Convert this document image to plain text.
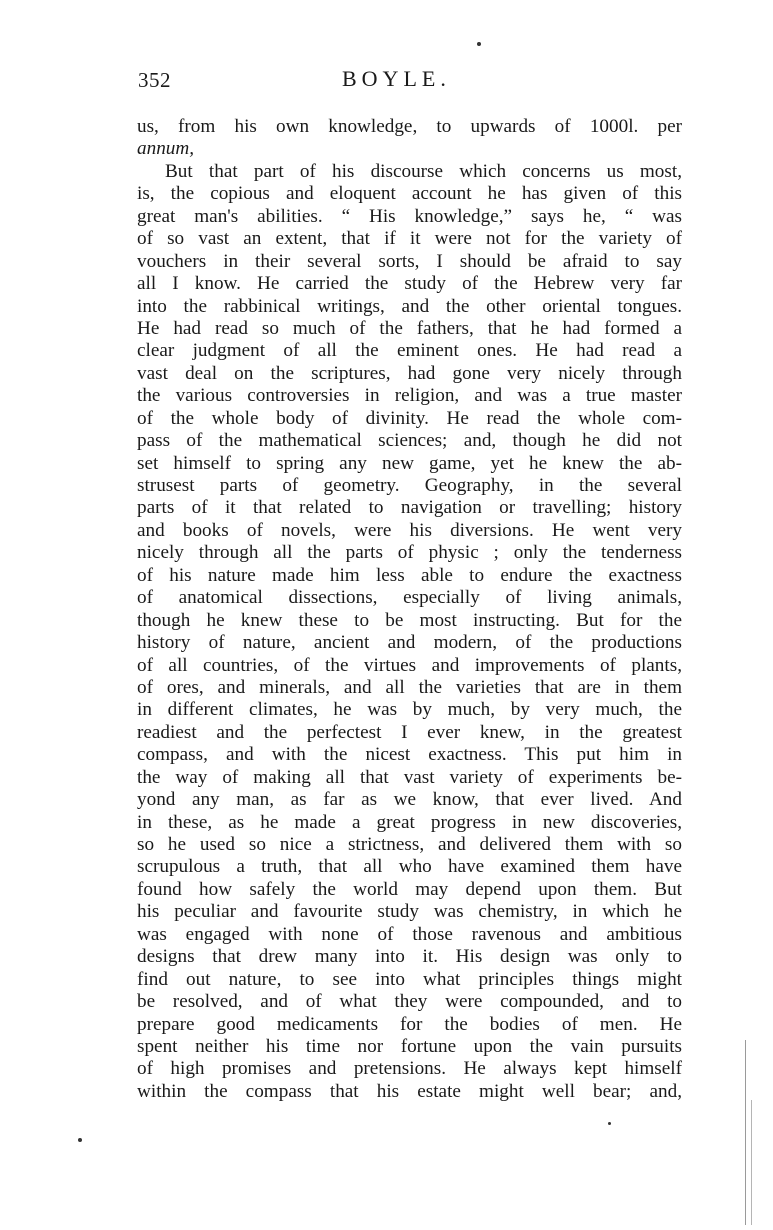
352	BOYLE.
us, from his own knowledge, to upwards of 1000l. per
annum,
But that part of his discourse which concerns us most,
is, the copious and eloquent account he has given of this
great man's abilities. “ His knowledge,” says he, “ was
of so vast an extent, that if it were not for the variety of
vouchers in their several sorts, I should be afraid to say
all I know. He carried the study of the Hebrew very far
into the rabbinical writings, and the other oriental tongues.
He had read so much of the fathers, that he had formed a
clear judgment of all the eminent ones. He had read a
vast deal on the scriptures, had gone very nicely through
the various controversies in religion, and was a true master
of the whole body of divinity. He read the whole com-
pass of the mathematical sciences; and, though he did not
set himself to spring any new game, yet he knew the ab-
strusest parts of geometry. Geography, in the several
parts of it that related to navigation or travelling; history
and books of novels, were his diversions. He went very
nicely through all the parts of physic ; only the tenderness
of his nature made him less able to endure the exactness
of anatomical dissections, especially of living animals,
though he knew these to be most instructing. But for the
history of nature, ancient and modern, of the productions
of all countries, of the virtues and improvements of plants,
of ores, and minerals, and all the varieties that are in them
in different climates, he was by much, by very much, the
readiest and the perfectest I ever knew, in the greatest
compass, and with the nicest exactness. This put him in
the way of making all that vast variety of experiments be-
yond any man, as far as we know, that ever lived. And
in these, as he made a great progress in new discoveries,
so he used so nice a strictness, and delivered them with so
scrupulous a truth, that all who have examined them have
found how safely the world may depend upon them. But
his peculiar and favourite study was chemistry, in which he
was engaged with none of those ravenous and ambitious
designs that drew many into it. His design was only to
find out nature, to see into what principles things might
be resolved, and of what they were compounded, and to
prepare good medicaments for the bodies of men. He
spent neither his time nor fortune upon the vain pursuits
of high promises and pretensions. He always kept himself
within the compass that his estate might well bear; and,
